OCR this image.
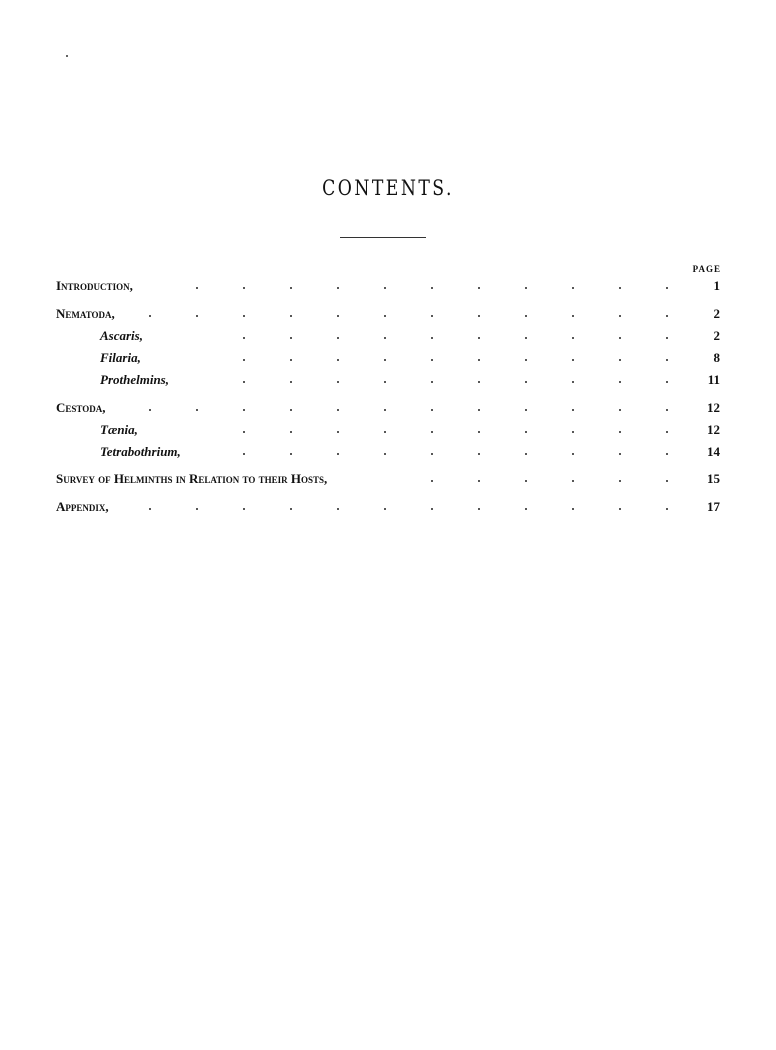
CONTENTS.
PAGE
Introduction,	1
Nematoda,	2
Ascaris,	2
Filaria,	8
Prothelmins,	11
Cestoda,	12
Tænia,	12
Tetrabothrium,	14
Survey of Helminths in Relation to their Hosts,	15
Appendix,	17
